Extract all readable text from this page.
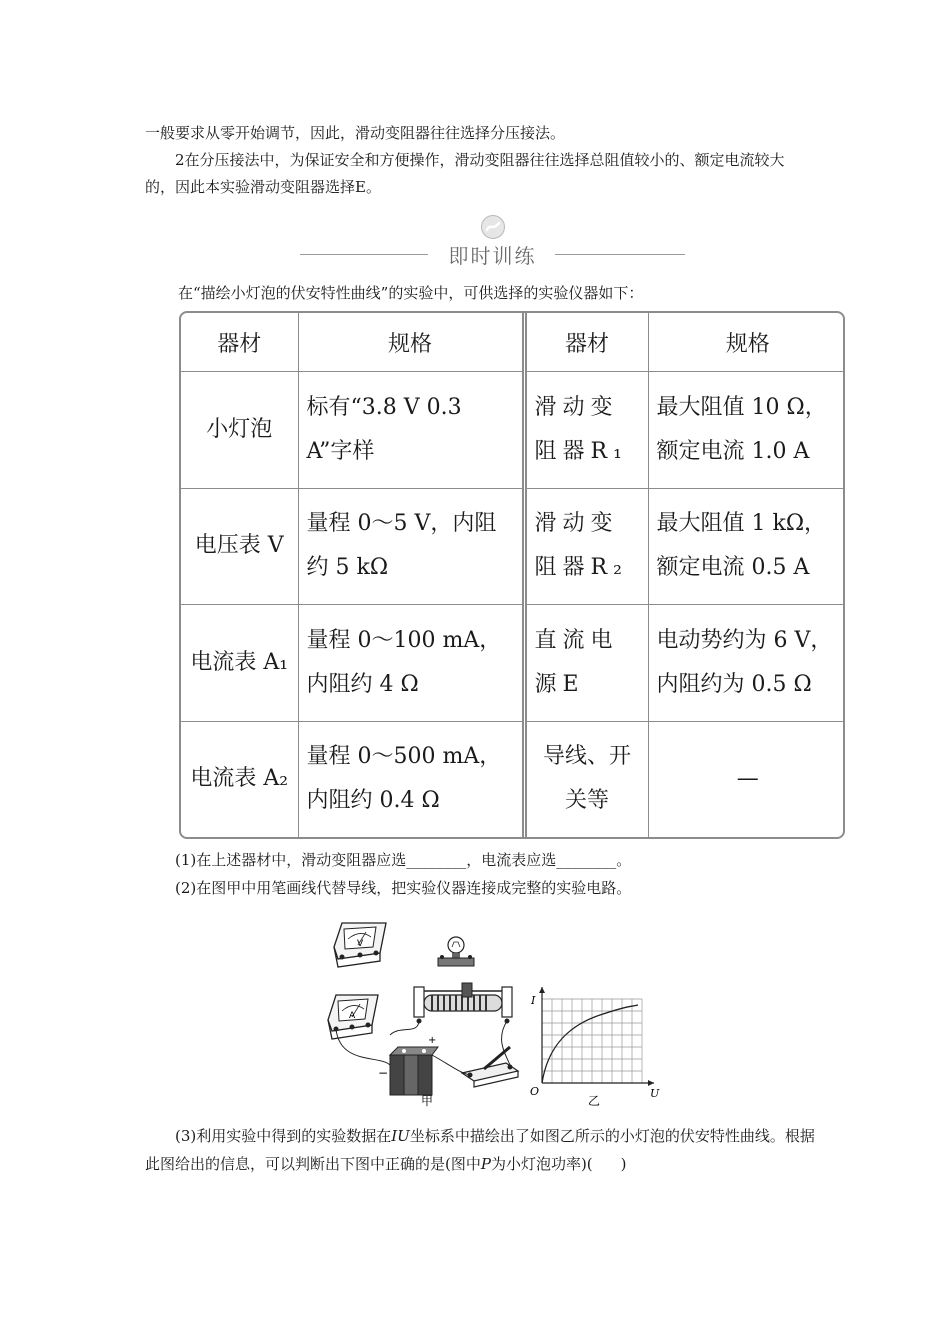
一般要求从零开始调节，因此，滑动变阻器往往选择分压接法。

2在分压接法中，为保证安全和方便操作，滑动变阻器往往选择总阻值较小的、额定电流较大的，因此本实验滑动变阻器选择E。

即时训练

在“描绘小灯泡的伏安特性曲线”的实验中，可供选择的实验仪器如下：

器材	规格	器材	规格
小灯泡	标有“3.8 V 0.3 A”字样	滑动变阻器R₁	最大阻值 10 Ω，额定电流 1.0 A
电压表 V	量程 0～5 V，内阻约 5 kΩ	滑动变阻器R₂	最大阻值 1 kΩ，额定电流 0.5 A
电流表 A₁	量程 0～100 mA，内阻约 4 Ω	直流电源E	电动势约为 6 V，内阻约为 0.5 Ω
电流表 A₂	量程 0～500 mA，内阻约 0.4 Ω	导线、开关等	—

(1)在上述器材中，滑动变阻器应选________，电流表应选________。

(2)在图甲中用笔画线代替导线，把实验仪器连接成完整的实验电路。

V
A
+
−
甲
I
U
O
乙

(3)利用实验中得到的实验数据在IU坐标系中描绘出了如图乙所示的小灯泡的伏安特性曲线。根据此图给出的信息，可以判断出下图中正确的是(图中P为小灯泡功率)( )
